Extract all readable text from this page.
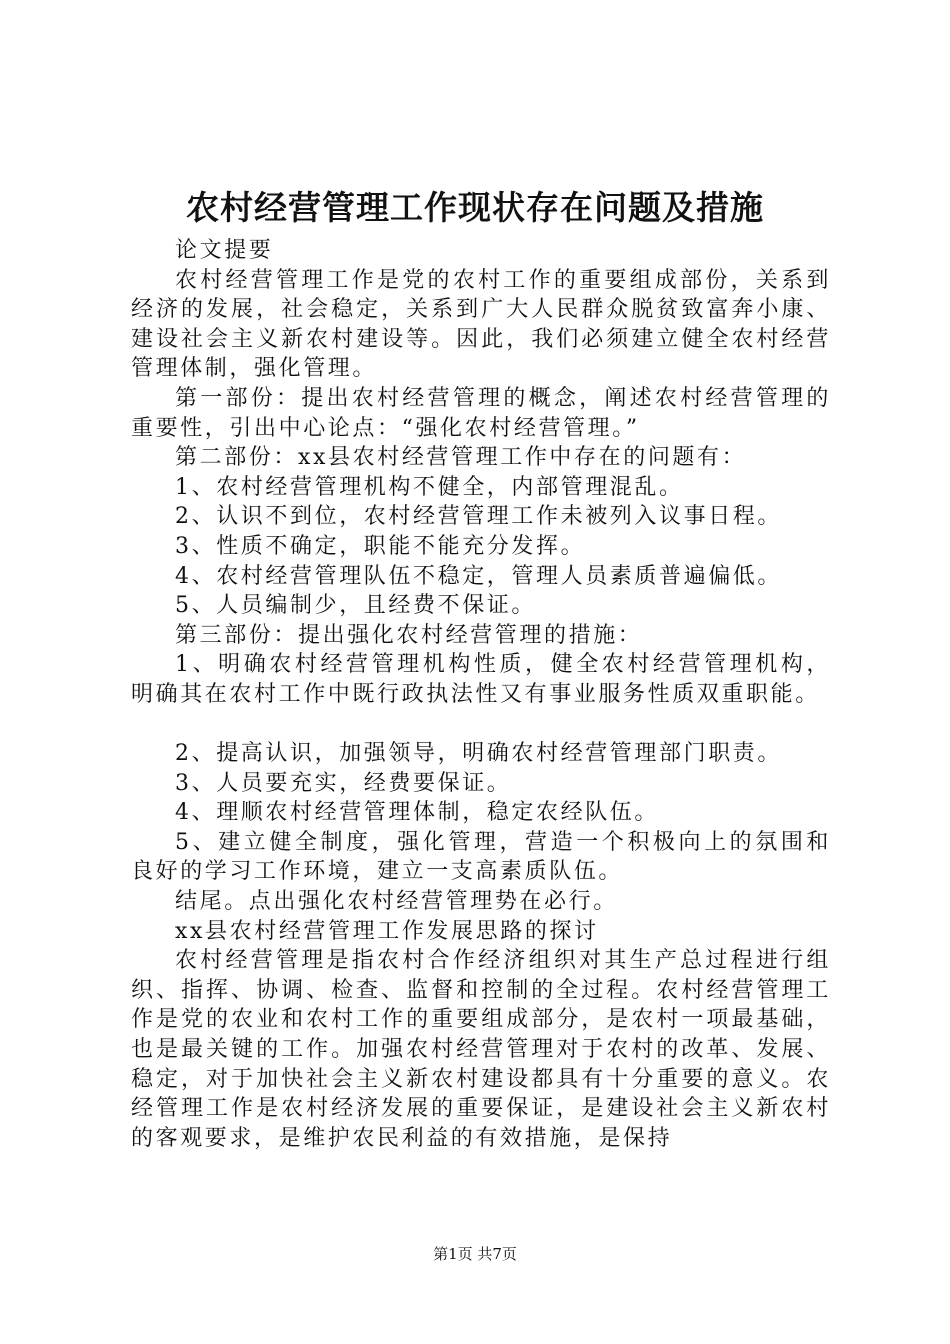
农村经营管理工作现状存在问题及措施

论文提要

农村经营管理工作是党的农村工作的重要组成部份，关系到经济的发展，社会稳定，关系到广大人民群众脱贫致富奔小康、建设社会主义新农村建设等。因此，我们必须建立健全农村经营管理体制，强化管理。

第一部份：提出农村经营管理的概念，阐述农村经营管理的重要性，引出中心论点：“强化农村经营管理。”

第二部份：xx县农村经营管理工作中存在的问题有：

1、农村经营管理机构不健全，内部管理混乱。

2、认识不到位，农村经营管理工作未被列入议事日程。

3、性质不确定，职能不能充分发挥。

4、农村经营管理队伍不稳定，管理人员素质普遍偏低。

5、人员编制少，且经费不保证。

第三部份：提出强化农村经营管理的措施：

1、明确农村经营管理机构性质，健全农村经营管理机构，明确其在农村工作中既行政执法性又有事业服务性质双重职能。

2、提高认识，加强领导，明确农村经营管理部门职责。

3、人员要充实，经费要保证。

4、理顺农村经营管理体制，稳定农经队伍。

5、建立健全制度，强化管理，营造一个积极向上的氛围和良好的学习工作环境，建立一支高素质队伍。

结尾。点出强化农村经营管理势在必行。

xx县农村经营管理工作发展思路的探讨

农村经营管理是指农村合作经济组织对其生产总过程进行组织、指挥、协调、检查、监督和控制的全过程。农村经营管理工作是党的农业和农村工作的重要组成部分，是农村一项最基础，也是最关键的工作。加强农村经营管理对于农村的改革、发展、稳定，对于加快社会主义新农村建设都具有十分重要的意义。农经管理工作是农村经济发展的重要保证，是建设社会主义新农村的客观要求，是维护农民利益的有效措施，是保持

第1页 共7页
